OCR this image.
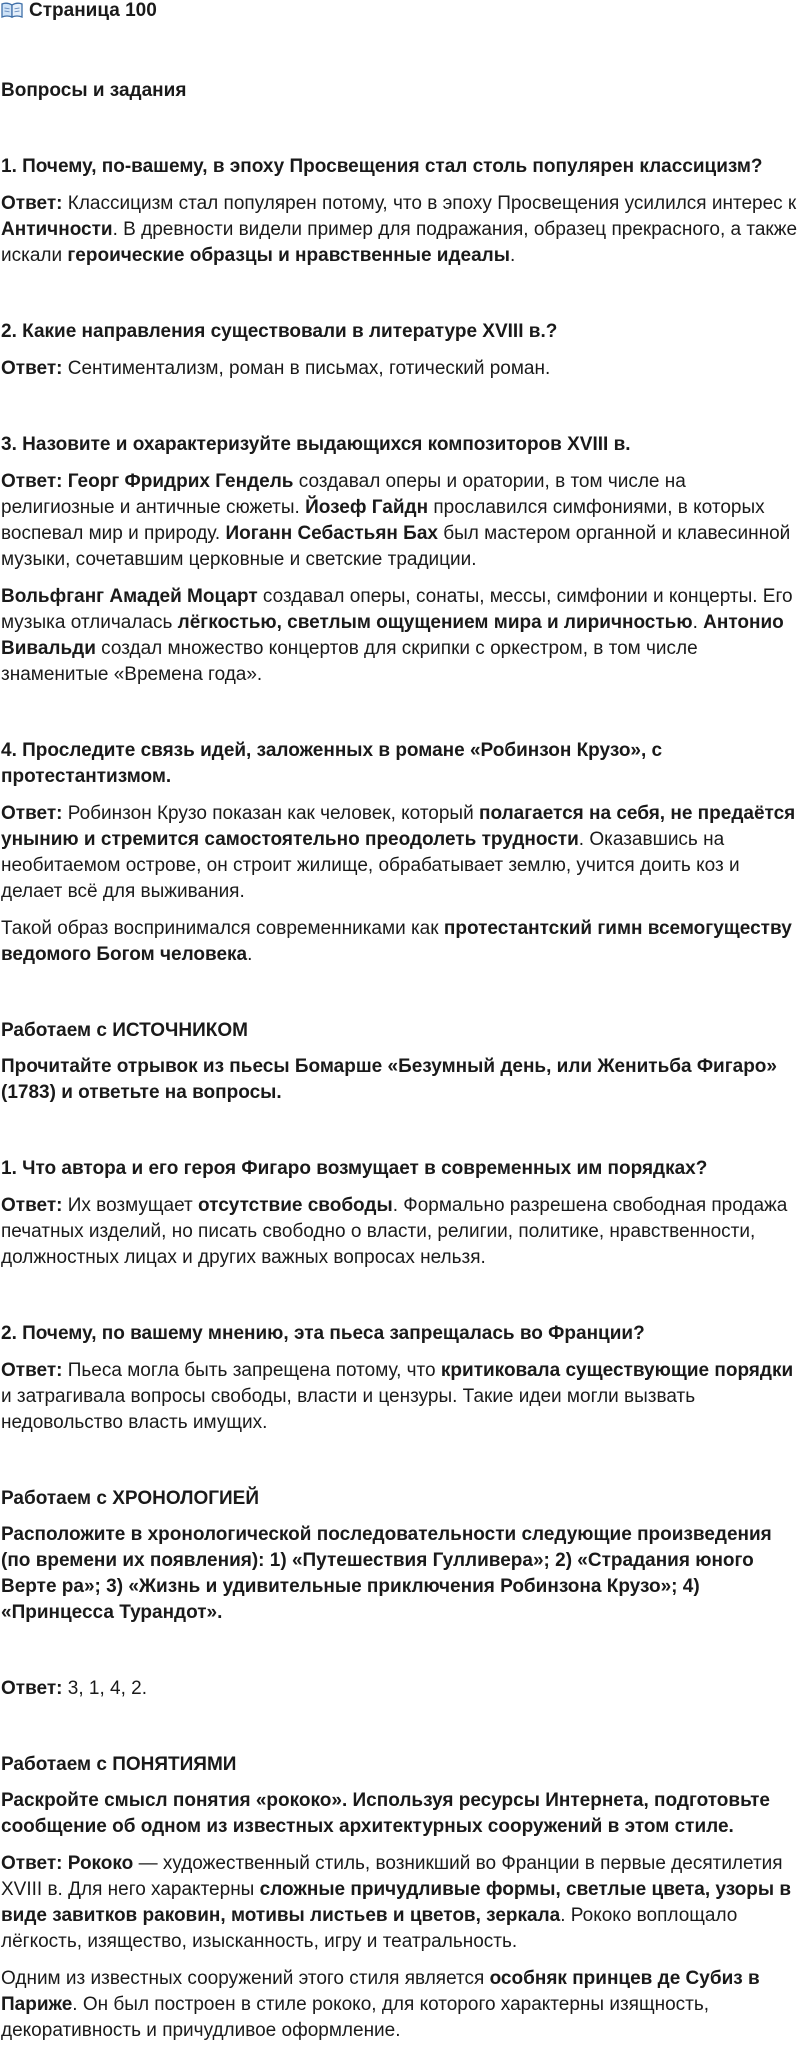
Страница 100
Вопросы и задания

1. Почему, по-вашему, в эпоху Просвещения стал столь популярен классицизм?

Ответ: Классицизм стал популярен потому, что в эпоху Просвещения усилился интерес к Античности. В древности видели пример для подражания, образец прекрасного, а также искали героические образцы и нравственные идеалы.

2. Какие направления существовали в литературе XVIII в.?

Ответ: Сентиментализм, роман в письмах, готический роман.

3. Назовите и охарактеризуйте выдающихся композиторов XVIII в.

Ответ: Георг Фридрих Гендель создавал оперы и оратории, в том числе на религиозные и античные сюжеты. Йозеф Гайдн прославился симфониями, в которых воспевал мир и природу. Иоганн Себастьян Бах был мастером органной и клавесинной музыки, сочетавшим церковные и светские традиции.

Вольфганг Амадей Моцарт создавал оперы, сонаты, мессы, симфонии и концерты. Его музыка отличалась лёгкостью, светлым ощущением мира и лиричностью. Антонио Вивальди создал множество концертов для скрипки с оркестром, в том числе знаменитые «Времена года».

4. Проследите связь идей, заложенных в романе «Робинзон Крузо», с протестантизмом.

Ответ: Робинзон Крузо показан как человек, который полагается на себя, не предаётся унынию и стремится самостоятельно преодолеть трудности. Оказавшись на необитаемом острове, он строит жилище, обрабатывает землю, учится доить коз и делает всё для выживания.

Такой образ воспринимался современниками как протестантский гимн всемогуществу ведомого Богом человека.

Работаем с ИСТОЧНИКОМ

Прочитайте отрывок из пьесы Бомарше «Безумный день, или Женитьба Фигаро» (1783) и ответьте на вопросы.

1. Что автора и его героя Фигаро возмущает в современных им порядках?

Ответ: Их возмущает отсутствие свободы. Формально разрешена свободная продажа печатных изделий, но писать свободно о власти, религии, политике, нравственности, должностных лицах и других важных вопросах нельзя.

2. Почему, по вашему мнению, эта пьеса запрещалась во Франции?

Ответ: Пьеса могла быть запрещена потому, что критиковала существующие порядки и затрагивала вопросы свободы, власти и цензуры. Такие идеи могли вызвать недовольство власть имущих.

Работаем с ХРОНОЛОГИЕЙ

Расположите в хронологической последовательности следующие произведения (по времени их появления): 1) «Путешествия Гулливера»; 2) «Страдания юного Верте ра»; 3) «Жизнь и удивительные приключения Робинзона Крузо»; 4) «Принцесса Турандот».

Ответ: 3, 1, 4, 2.

Работаем с ПОНЯТИЯМИ

Раскройте смысл понятия «рококо». Используя ресурсы Интернета, подготовьте сообщение об одном из известных архитектурных сооружений в этом стиле.

Ответ: Рококо — художественный стиль, возникший во Франции в первые десятилетия XVIII в. Для него характерны сложные причудливые формы, светлые цвета, узоры в виде завитков раковин, мотивы листьев и цветов, зеркала. Рококо воплощало лёгкость, изящество, изысканность, игру и театральность.

Одним из известных сооружений этого стиля является особняк принцев де Субиз в Париже. Он был построен в стиле рококо, для которого характерны изящность, декоративность и причудливое оформление.
